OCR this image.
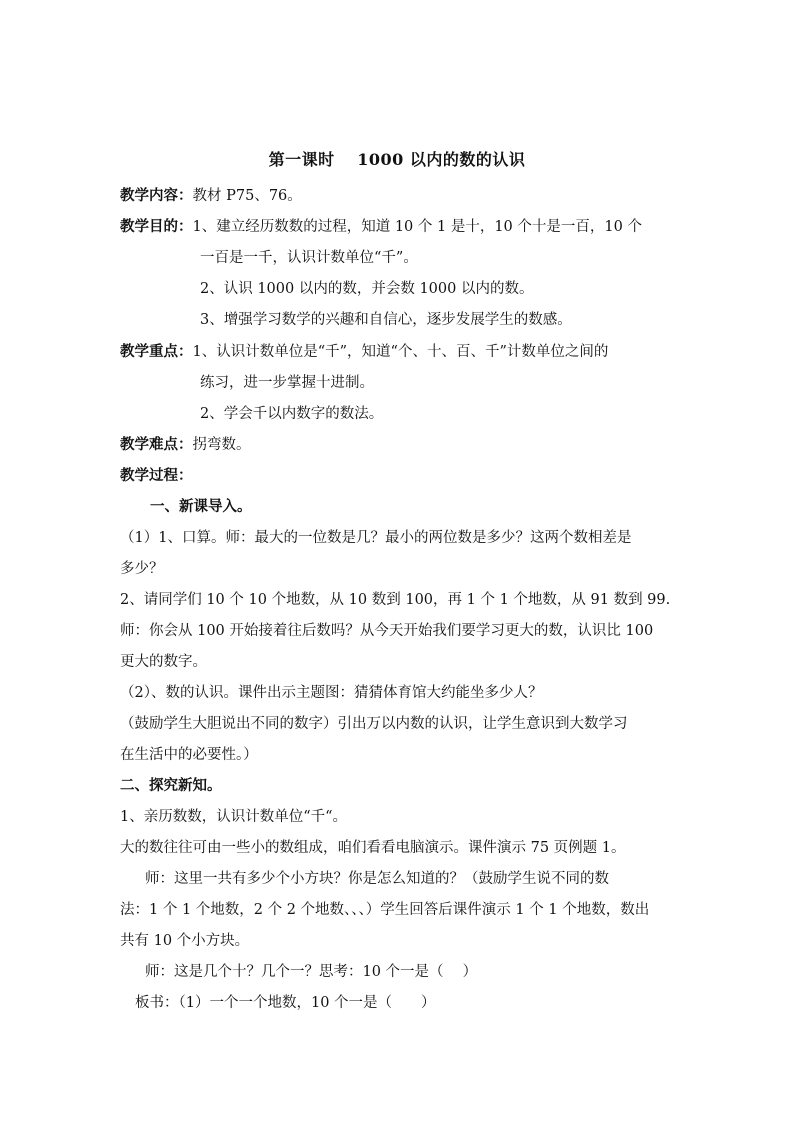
第一课时　 1000 以内的数的认识
教学内容：教材 P75、76。
教学目的：1、建立经历数数的过程，知道 10 个 1 是十，10 个十是一百，10 个
一百是一千，认识计数单位“千”。
2、认识 1000 以内的数，并会数 1000 以内的数。
3、增强学习数学的兴趣和自信心，逐步发展学生的数感。
教学重点：1、认识计数单位是“千”，知道“个、十、百、千”计数单位之间的
练习，进一步掌握十进制。
2、学会千以内数字的数法。
教学难点：拐弯数。
教学过程：
一、新课导入。
（1）1、口算。师：最大的一位数是几？最小的两位数是多少？这两个数相差是
多少？
2、请同学们 10 个 10 个地数，从 10 数到 100，再 1 个 1 个地数，从 91 数到 99.
师：你会从 100 开始接着往后数吗？从今天开始我们要学习更大的数，认识比 100
更大的数字。
（2）、数的认识。课件出示主题图：猜猜体育馆大约能坐多少人？
（鼓励学生大胆说出不同的数字）引出万以内数的认识，让学生意识到大数学习
在生活中的必要性。）
二、探究新知。
1、亲历数数，认识计数单位“千“。
大的数往往可由一些小的数组成，咱们看看电脑演示。课件演示 75 页例题 1。
师：这里一共有多少个小方块？你是怎么知道的？（鼓励学生说不同的数
法：1 个 1 个地数，2 个 2 个地数、、、）学生回答后课件演示 1 个 1 个地数，数出
共有 10 个小方块。
师：这是几个十？几个一？思考：10 个一是（　 ）
板书：（1）一个一个地数，10 个一是（　　）
